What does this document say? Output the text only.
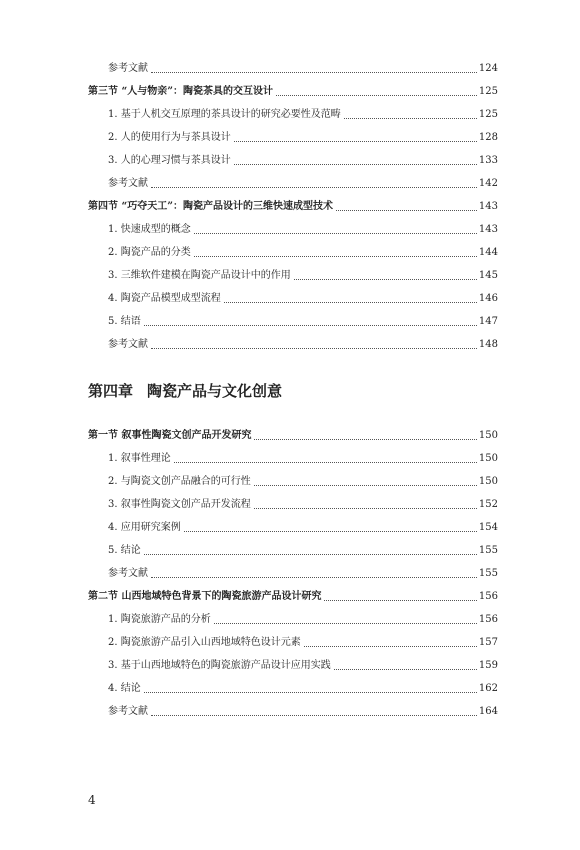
参考文献	124
第三节 “人与物亲”：陶瓷茶具的交互设计	125
1. 基于人机交互原理的茶具设计的研究必要性及范畴	125
2. 人的使用行为与茶具设计	128
3. 人的心理习惯与茶具设计	133
参考文献	142
第四节 “巧夺天工”：陶瓷产品设计的三维快速成型技术	143
1. 快速成型的概念	143
2. 陶瓷产品的分类	144
3. 三维软件建模在陶瓷产品设计中的作用	145
4. 陶瓷产品模型成型流程	146
5. 结语	147
参考文献	148
第四章 陶瓷产品与文化创意
第一节 叙事性陶瓷文创产品开发研究	150
1. 叙事性理论	150
2. 与陶瓷文创产品融合的可行性	150
3. 叙事性陶瓷文创产品开发流程	152
4. 应用研究案例	154
5. 结论	155
参考文献	155
第二节 山西地域特色背景下的陶瓷旅游产品设计研究	156
1. 陶瓷旅游产品的分析	156
2. 陶瓷旅游产品引入山西地域特色设计元素	157
3. 基于山西地域特色的陶瓷旅游产品设计应用实践	159
4. 结论	162
参考文献	164
4
